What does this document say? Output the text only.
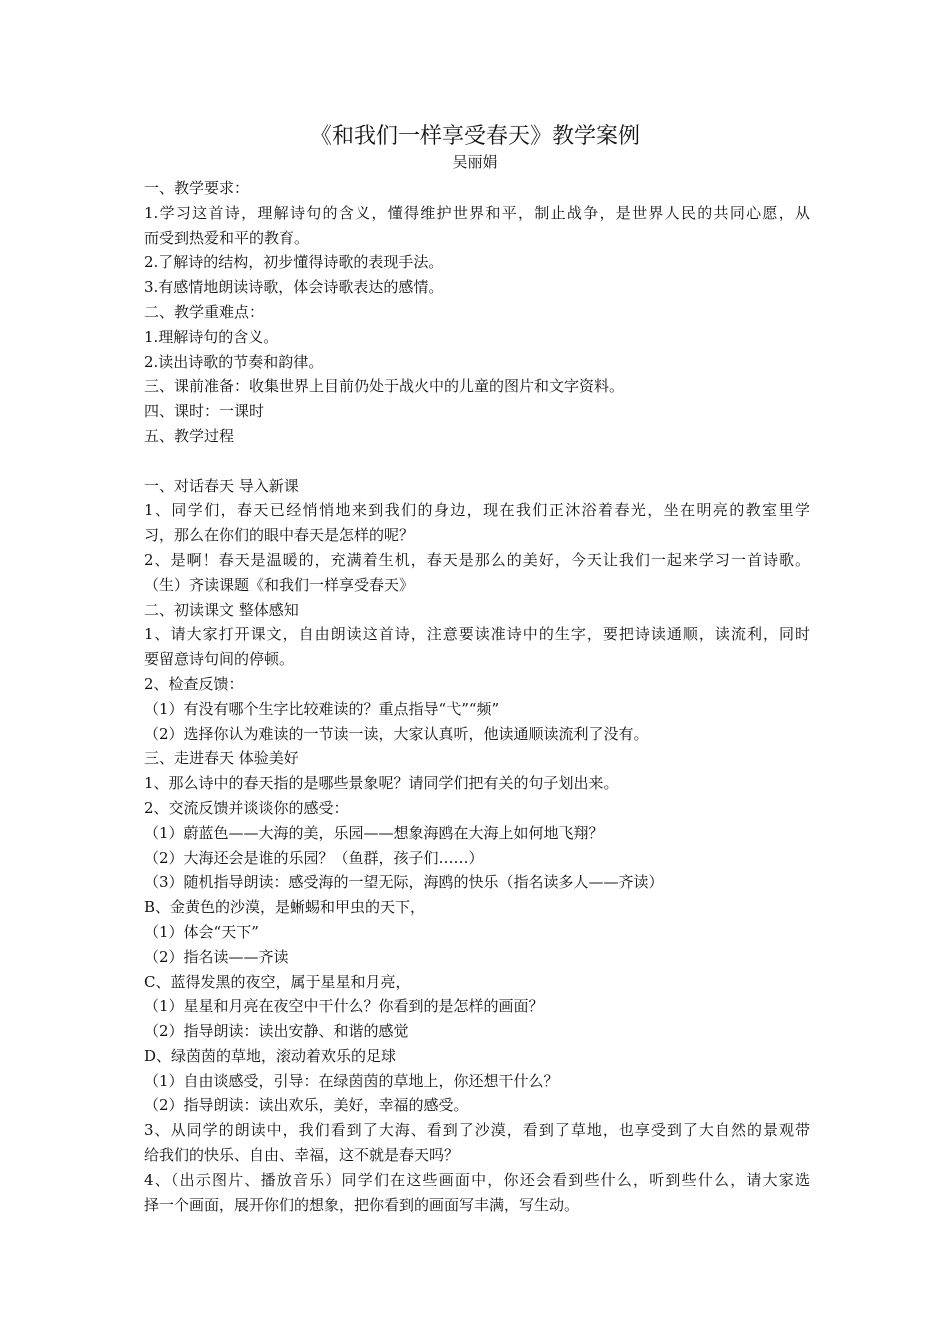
《和我们一样享受春天》教学案例
吴丽娟
一、教学要求：
1.学习这首诗，理解诗句的含义，懂得维护世界和平，制止战争，是世界人民的共同心愿，从
而受到热爱和平的教育。
2.了解诗的结构，初步懂得诗歌的表现手法。
3.有感情地朗读诗歌，体会诗歌表达的感情。
二、教学重难点：
1.理解诗句的含义。
2.读出诗歌的节奏和韵律。
三、课前准备：收集世界上目前仍处于战火中的儿童的图片和文字资料。
四、课时：一课时
五、教学过程
一、对话春天 导入新课
1、同学们，春天已经悄悄地来到我们的身边，现在我们正沐浴着春光，坐在明亮的教室里学
习，那么在你们的眼中春天是怎样的呢？
2、是啊！春天是温暖的，充满着生机，春天是那么的美好，今天让我们一起来学习一首诗歌。
（生）齐读课题《和我们一样享受春天》
二、初读课文 整体感知
1、请大家打开课文，自由朗读这首诗，注意要读准诗中的生字，要把诗读通顺，读流利，同时
要留意诗句间的停顿。
2、检查反馈：
（1）有没有哪个生字比较难读的？重点指导“弋”“频”
（2）选择你认为难读的一节读一读，大家认真听，他读通顺读流利了没有。
三、走进春天 体验美好
1、那么诗中的春天指的是哪些景象呢？请同学们把有关的句子划出来。
2、交流反馈并谈谈你的感受：
（1）蔚蓝色——大海的美，乐园——想象海鸥在大海上如何地飞翔？
（2）大海还会是谁的乐园？（鱼群，孩子们……）
（3）随机指导朗读：感受海的一望无际，海鸥的快乐（指名读多人——齐读）
B、金黄色的沙漠，是蜥蜴和甲虫的天下，
（1）体会“天下”
（2）指名读——齐读
C、蓝得发黑的夜空，属于星星和月亮，
（1）星星和月亮在夜空中干什么？你看到的是怎样的画面？
（2）指导朗读：读出安静、和谐的感觉
D、绿茵茵的草地，滚动着欢乐的足球
（1）自由谈感受，引导：在绿茵茵的草地上，你还想干什么？
（2）指导朗读：读出欢乐，美好，幸福的感受。
3、从同学的朗读中，我们看到了大海、看到了沙漠，看到了草地，也享受到了大自然的景观带
给我们的快乐、自由、幸福，这不就是春天吗？
4、（出示图片、播放音乐）同学们在这些画面中，你还会看到些什么，听到些什么，请大家选
择一个画面，展开你们的想象，把你看到的画面写丰满，写生动。
